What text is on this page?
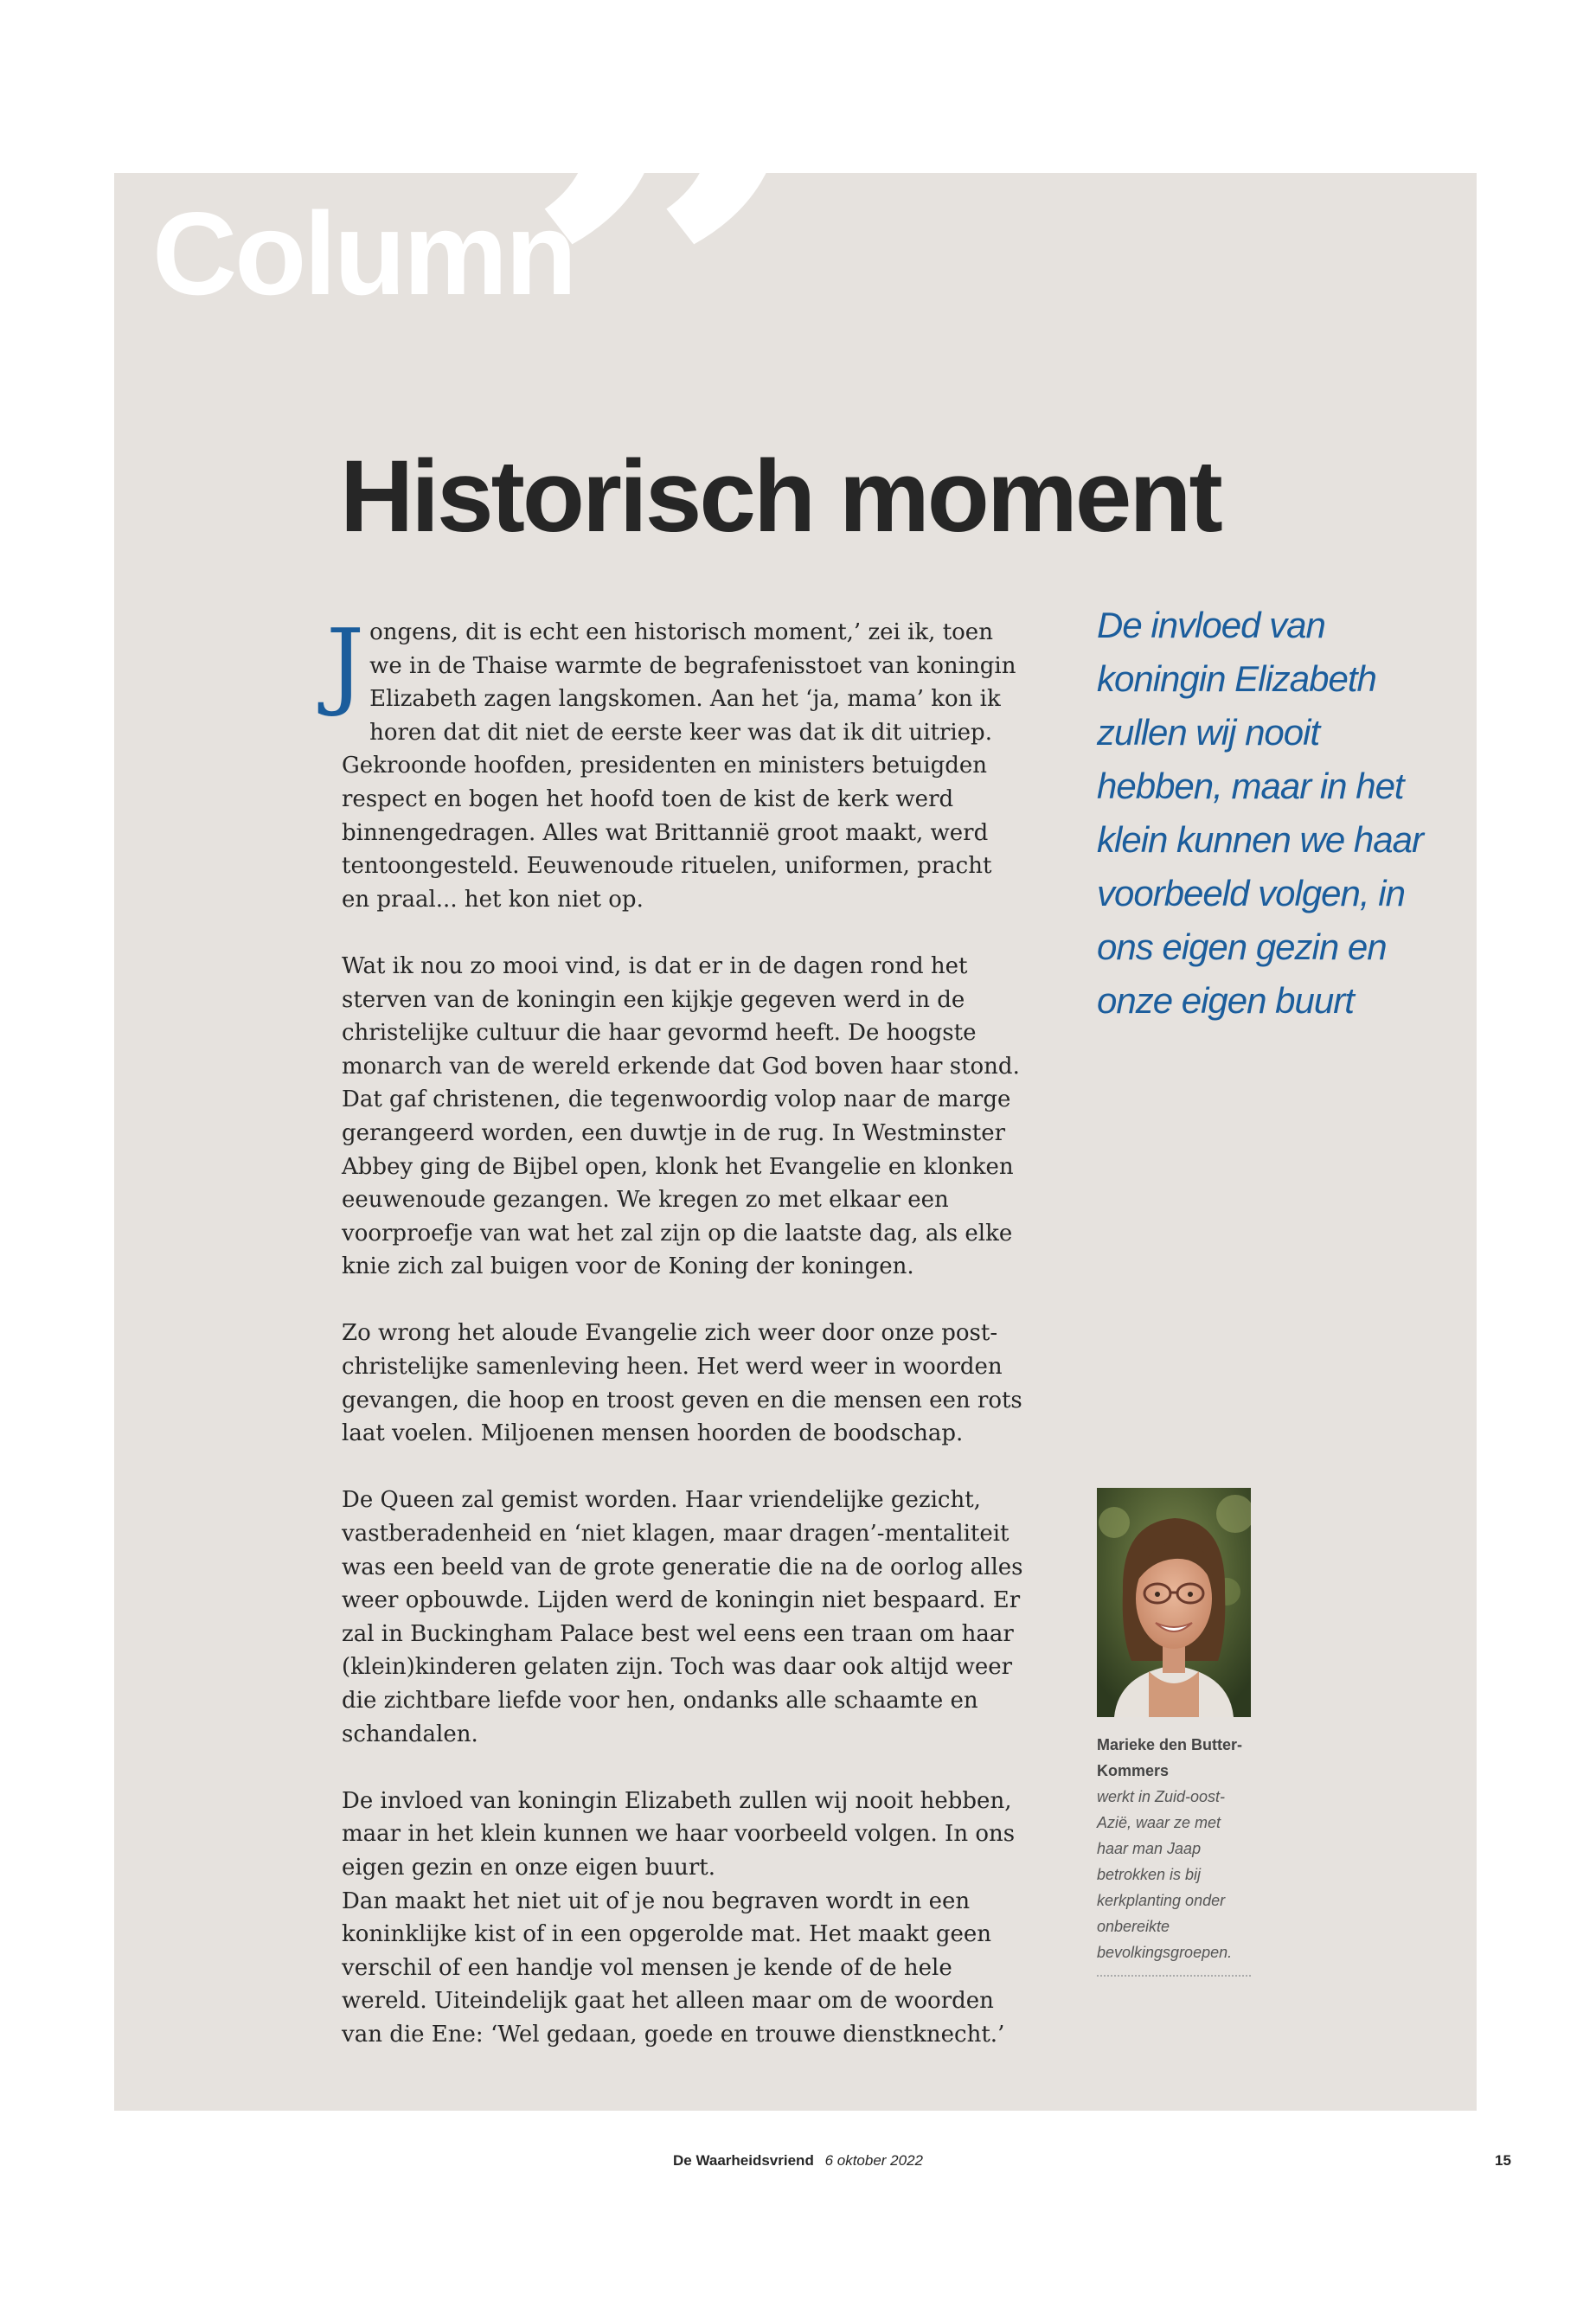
”
Column
Historisch moment

Jongens, dit is echt een historisch moment,’ zei ik, toen we in de Thaise warmte de begrafenisstoet van koningin Elizabeth zagen langskomen. Aan het ‘ja, mama’ kon ik horen dat dit niet de eerste keer was dat ik dit uitriep.
Gekroonde hoofden, presidenten en ministers betuigden respect en bogen het hoofd toen de kist de kerk werd binnengedragen. Alles wat Brittannië groot maakt, werd tentoongesteld. Eeuwenoude rituelen, uniformen, pracht en praal... het kon niet op.

Wat ik nou zo mooi vind, is dat er in de dagen rond het sterven van de koningin een kijkje gegeven werd in de christelijke cultuur die haar gevormd heeft. De hoogste monarch van de wereld erkende dat God boven haar stond. Dat gaf christenen, die tegenwoordig volop naar de marge gerangeerd worden, een duwtje in de rug. In Westminster Abbey ging de Bijbel open, klonk het Evangelie en klonken eeuwenoude gezangen. We kregen zo met elkaar een voorproefje van wat het zal zijn op die laatste dag, als elke knie zich zal buigen voor de Koning der koningen.

Zo wrong het aloude Evangelie zich weer door onze post-christelijke samenleving heen. Het werd weer in woorden gevangen, die hoop en troost geven en die mensen een rots laat voelen. Miljoenen mensen hoorden de boodschap.

De Queen zal gemist worden. Haar vriendelijke gezicht, vastberadenheid en ‘niet klagen, maar dragen’-mentaliteit was een beeld van de grote generatie die na de oorlog alles weer opbouwde. Lijden werd de koningin niet bespaard. Er zal in Buckingham Palace best wel eens een traan om haar (klein)kinderen gelaten zijn. Toch was daar ook altijd weer die zichtbare liefde voor hen, ondanks alle schaamte en schandalen.

De invloed van koningin Elizabeth zullen wij nooit hebben, maar in het klein kunnen we haar voorbeeld volgen. In ons eigen gezin en onze eigen buurt.
Dan maakt het niet uit of je nou begraven wordt in een koninklijke kist of in een opgerolde mat. Het maakt geen verschil of een handje vol mensen je kende of de hele wereld. Uiteindelijk gaat het alleen maar om de woorden van die Ene: ‘Wel gedaan, goede en trouwe dienstknecht.’

De invloed van koningin Elizabeth zullen wij nooit hebben, maar in het klein kunnen we haar voorbeeld volgen, in ons eigen gezin en onze eigen buurt

Marieke den Butter-Kommers
werkt in Zuid-oost-Azië, waar ze met haar man Jaap betrokken is bij kerkplanting onder onbereikte bevolkingsgroepen.
De Waarheidsvriend 6 oktober 2022	15
